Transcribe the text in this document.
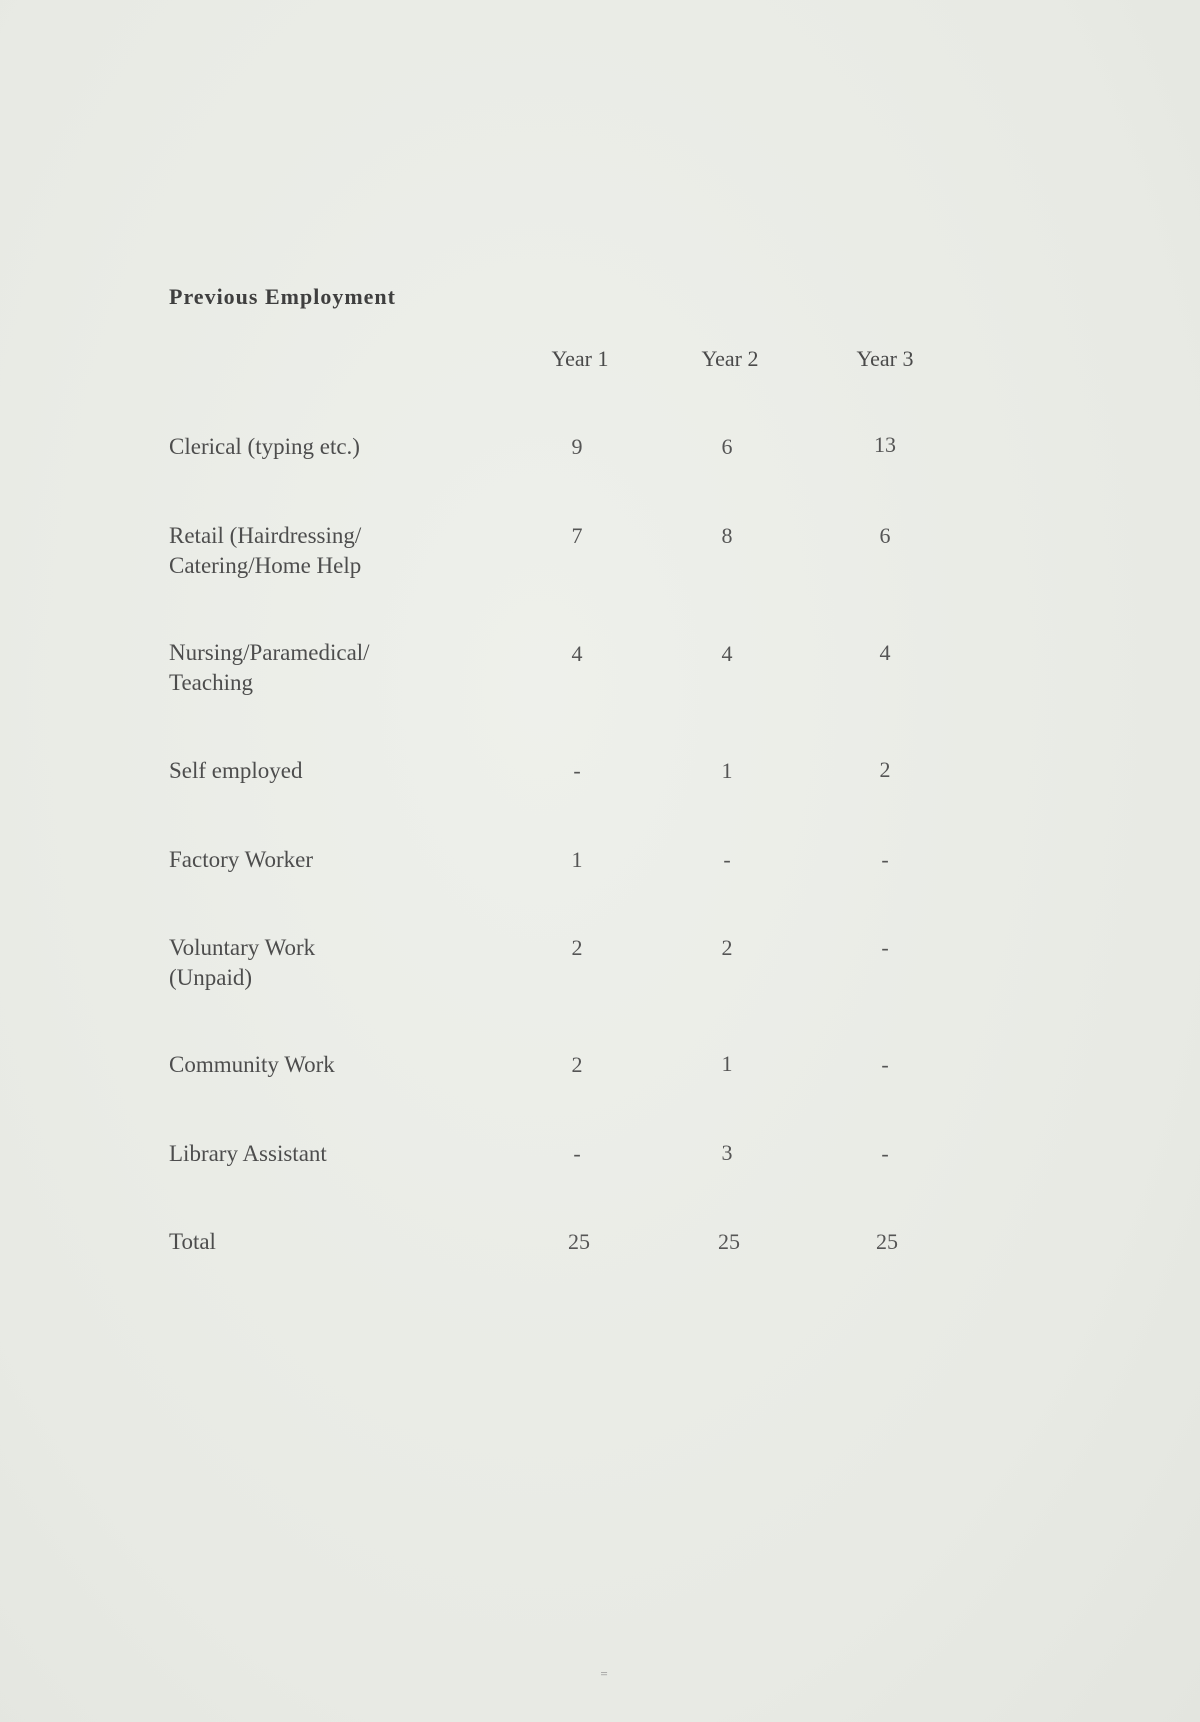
Previous Employment
Year 1	Year 2	Year 3
Clerical (typing etc.)	9	6	13
Retail (Hairdressing/
Catering/Home Help
7	8	6
Nursing/Paramedical/
Teaching
4	4	4
Self employed	-	1	2
Factory Worker	1	-	-
Voluntary Work
(Unpaid)
2	2	-
Community Work	2	1	-
Library Assistant	-	3	-
Total	25	25	25
=
